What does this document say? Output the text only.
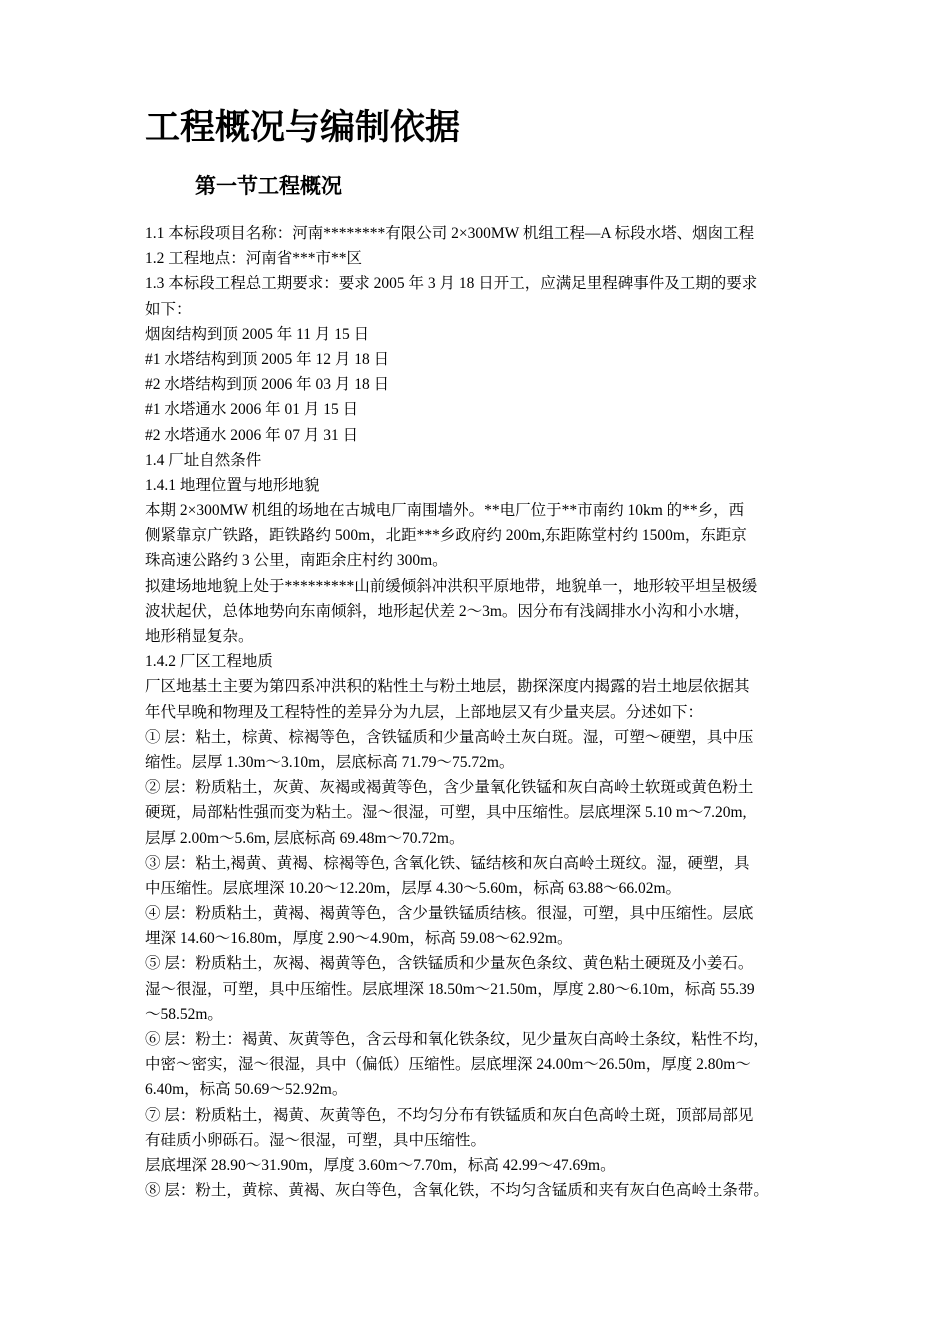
工程概况与编制依据
第一节工程概况
1.1 本标段项目名称：河南********有限公司 2×300MW 机组工程—A 标段水塔、烟囱工程
1.2 工程地点：河南省***市**区
1.3 本标段工程总工期要求：要求 2005 年 3 月 18 日开工，应满足里程碑事件及工期的要求
如下：
烟囱结构到顶 2005 年 11 月 15 日
#1 水塔结构到顶 2005 年 12 月 18 日
#2 水塔结构到顶 2006 年 03 月 18 日
#1 水塔通水 2006 年 01 月 15 日
#2 水塔通水 2006 年 07 月 31 日
1.4 厂址自然条件
1.4.1 地理位置与地形地貌
本期 2×300MW 机组的场地在古城电厂南围墙外。**电厂位于**市南约 10km 的**乡，西
侧紧靠京广铁路，距铁路约 500m，北距***乡政府约 200m,东距陈堂村约 1500m，东距京
珠高速公路约 3 公里，南距余庄村约 300m。
拟建场地地貌上处于*********山前缓倾斜冲洪积平原地带，地貌单一，地形较平坦呈极缓
波状起伏，总体地势向东南倾斜，地形起伏差 2～3m。因分布有浅阔排水小沟和小水塘，
地形稍显复杂。
1.4.2 厂区工程地质
厂区地基土主要为第四系冲洪积的粘性土与粉土地层，勘探深度内揭露的岩土地层依据其
年代早晚和物理及工程特性的差异分为九层，上部地层又有少量夹层。分述如下：
① 层：粘土，棕黄、棕褐等色，含铁锰质和少量高岭土灰白斑。湿，可塑～硬塑，具中压
缩性。层厚 1.30m～3.10m，层底标高 71.79～75.72m。
② 层：粉质粘土，灰黄、灰褐或褐黄等色，含少量氧化铁锰和灰白高岭土软斑或黄色粉土
硬斑，局部粘性强而变为粘土。湿～很湿，可塑，具中压缩性。层底埋深 5.10 m～7.20m,
层厚 2.00m～5.6m, 层底标高 69.48m～70.72m。
③ 层：粘土,褐黄、黄褐、棕褐等色, 含氧化铁、锰结核和灰白高岭土斑纹。湿，硬塑，具
中压缩性。层底埋深 10.20～12.20m，层厚 4.30～5.60m，标高 63.88～66.02m。
④ 层：粉质粘土，黄褐、褐黄等色，含少量铁锰质结核。很湿，可塑，具中压缩性。层底
埋深 14.60～16.80m，厚度 2.90～4.90m，标高 59.08～62.92m。
⑤ 层：粉质粘土，灰褐、褐黄等色，含铁锰质和少量灰色条纹、黄色粘土硬斑及小姜石。
湿～很湿，可塑，具中压缩性。层底埋深 18.50m～21.50m，厚度 2.80～6.10m，标高 55.39
～58.52m。
⑥ 层：粉土：褐黄、灰黄等色，含云母和氧化铁条纹，见少量灰白高岭土条纹，粘性不均，
中密～密实，湿～很湿，具中（偏低）压缩性。层底埋深 24.00m～26.50m，厚度 2.80m～
6.40m，标高 50.69～52.92m。
⑦ 层：粉质粘土，褐黄、灰黄等色，不均匀分布有铁锰质和灰白色高岭土斑，顶部局部见
有硅质小卵砾石。湿～很湿，可塑，具中压缩性。
层底埋深 28.90～31.90m，厚度 3.60m～7.70m，标高 42.99～47.69m。
⑧ 层：粉土，黄棕、黄褐、灰白等色，含氧化铁，不均匀含锰质和夹有灰白色高岭土条带。
